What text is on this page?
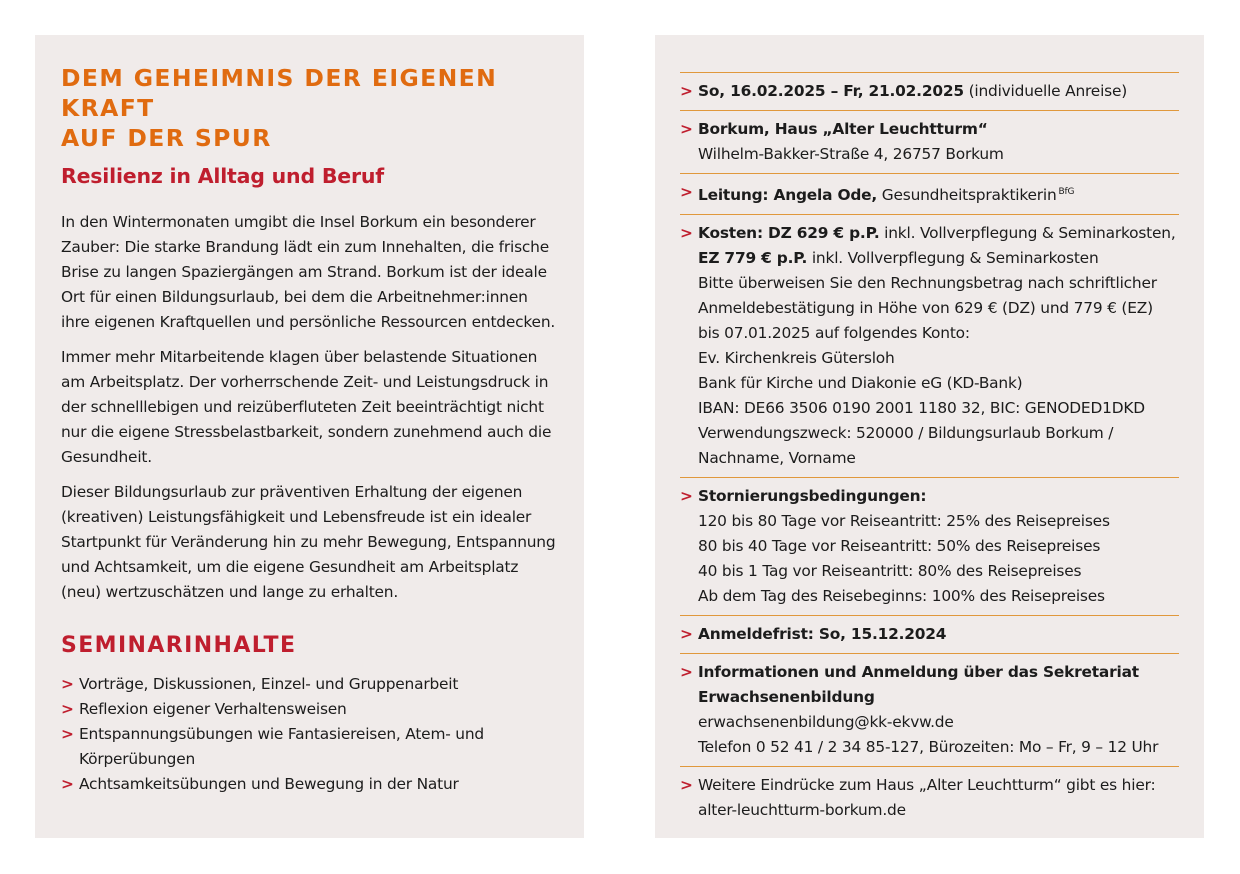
DEM GEHEIMNIS DER EIGENEN KRAFT
AUF DER SPUR
Resilienz in Alltag und Beruf

In den Wintermonaten umgibt die Insel Borkum ein besonderer Zauber: Die starke Brandung lädt ein zum Innehalten, die frische Brise zu langen Spaziergängen am Strand. Borkum ist der ideale Ort für einen Bildungsurlaub, bei dem die Arbeitnehmer:innen ihre eigenen Kraftquellen und persönliche Ressourcen entdecken.

Immer mehr Mitarbeitende klagen über belastende Situationen am Arbeitsplatz. Der vorherrschende Zeit- und Leistungsdruck in der schnelllebigen und reizüberfluteten Zeit beeinträchtigt nicht nur die eigene Stressbelastbarkeit, sondern zunehmend auch die Gesundheit.

Dieser Bildungsurlaub zur präventiven Erhaltung der eigenen (kreativen) Leistungsfähigkeit und Lebensfreude ist ein idealer Startpunkt für Veränderung hin zu mehr Bewegung, Entspannung und Achtsamkeit, um die eigene Gesundheit am Arbeitsplatz (neu) wertzuschätzen und lange zu erhalten.

SEMINARINHALTE
> Vorträge, Diskussionen, Einzel- und Gruppenarbeit
> Reflexion eigener Verhaltensweisen
> Entspannungsübungen wie Fantasiereisen, Atem- und Körperübungen
> Achtsamkeitsübungen und Bewegung in der Natur
> So, 16.02.2025 – Fr, 21.02.2025 (individuelle Anreise)
> Borkum, Haus „Alter Leuchtturm“
Wilhelm-Bakker-Straße 4, 26757 Borkum
> Leitung: Angela Ode, Gesundheitspraktikerin $^{BfG}$
> Kosten: DZ 629 € p.P. inkl. Vollverpflegung & Seminarkosten,
EZ 779 € p.P. inkl. Vollverpflegung & Seminarkosten
Bitte überweisen Sie den Rechnungsbetrag nach schriftlicher
Anmeldebestätigung in Höhe von 629 € (DZ) und 779 € (EZ)
bis 07.01.2025 auf folgendes Konto:
Ev. Kirchenkreis Gütersloh
Bank für Kirche und Diakonie eG (KD-Bank)
IBAN: DE66 3506 0190 2001 1180 32, BIC: GENODED1DKD
Verwendungszweck: 520000 / Bildungsurlaub Borkum /
Nachname, Vorname
> Stornierungsbedingungen:
120 bis 80 Tage vor Reiseantritt: 25% des Reisepreises
80 bis 40 Tage vor Reiseantritt: 50% des Reisepreises
40 bis 1 Tag vor Reiseantritt: 80% des Reisepreises
Ab dem Tag des Reisebeginns: 100% des Reisepreises
> Anmeldefrist: So, 15.12.2024
> Informationen und Anmeldung über das Sekretariat
Erwachsenenbildung
erwachsenenbildung@kk-ekvw.de
Telefon 0 52 41 / 2 34 85-127, Bürozeiten: Mo – Fr, 9 – 12 Uhr
> Weitere Eindrücke zum Haus „Alter Leuchtturm“ gibt es hier:
alter-leuchtturm-borkum.de
